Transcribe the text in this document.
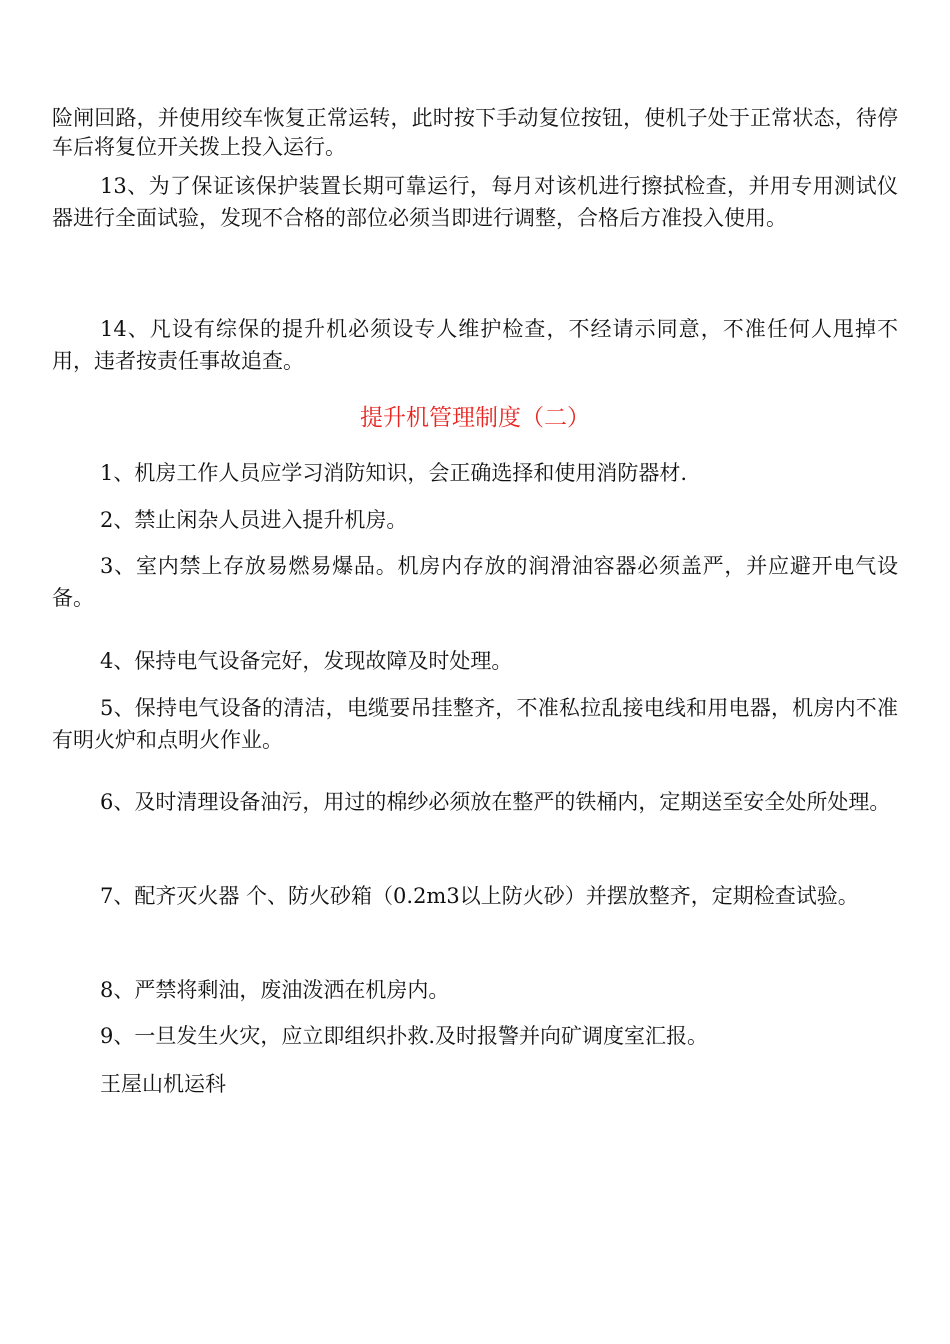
险闸回路，并使用绞车恢复正常运转，此时按下手动复位按钮，使机子处于正常状态，待停车后将复位开关拨上投入运行。

13、为了保证该保护装置长期可靠运行，每月对该机进行擦拭检查，并用专用测试仪器进行全面试验，发现不合格的部位必须当即进行调整，合格后方准投入使用。

14、凡设有综保的提升机必须设专人维护检查，不经请示同意，不准任何人甩掉不用，违者按责任事故追查。

提升机管理制度（二）

1、机房工作人员应学习消防知识，会正确选择和使用消防器材.

2、禁止闲杂人员进入提升机房。

3、室内禁上存放易燃易爆品。机房内存放的润滑油容器必须盖严，并应避开电气设备。

4、保持电气设备完好，发现故障及时处理。

5、保持电气设备的清洁，电缆要吊挂整齐，不准私拉乱接电线和用电器，机房内不准有明火炉和点明火作业。

6、及时清理设备油污，用过的棉纱必须放在整严的铁桶内，定期送至安全处所处理。

7、配齐灭火器 个、防火砂箱（0.2m3以上防火砂）并摆放整齐，定期检查试验。

8、严禁将剩油，废油泼洒在机房内。

9、一旦发生火灾，应立即组织扑救.及时报警并向矿调度室汇报。

王屋山机运科
